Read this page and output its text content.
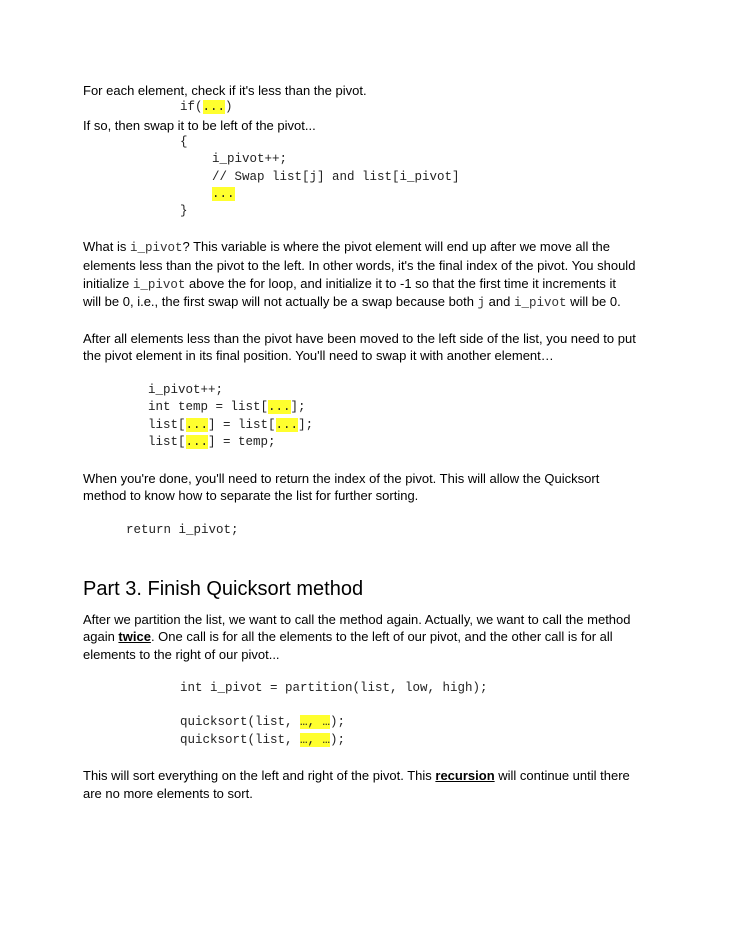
For each element, check if it's less than the pivot.

if(...)

If so, then swap it to be left of the pivot...

{
i_pivot++;
// Swap list[j] and list[i_pivot]
...
}

What is i_pivot? This variable is where the pivot element will end up after we move all the

elements less than the pivot to the left. In other words, it's the final index of the pivot. You should

initialize i_pivot above the for loop, and initialize it to -1 so that the first time it increments it

will be 0, i.e., the first swap will not actually be a swap because both j and i_pivot will be 0.

After all elements less than the pivot have been moved to the left side of the list, you need to put

the pivot element in its final position. You'll need to swap it with another element…

i_pivot++;
int temp = list[...];
list[...] = list[...];
list[...] = temp;

When you're done, you'll need to return the index of the pivot. This will allow the Quicksort

method to know how to separate the list for further sorting.

return i_pivot;
Part 3. Finish Quicksort method

After we partition the list, we want to call the method again. Actually, we want to call the method

again twice. One call is for all the elements to the left of our pivot, and the other call is for all

elements to the right of our pivot...

int i_pivot = partition(list, low, high);
quicksort(list, …, …);
quicksort(list, …, …);

This will sort everything on the left and right of the pivot. This recursion will continue until there

are no more elements to sort.
